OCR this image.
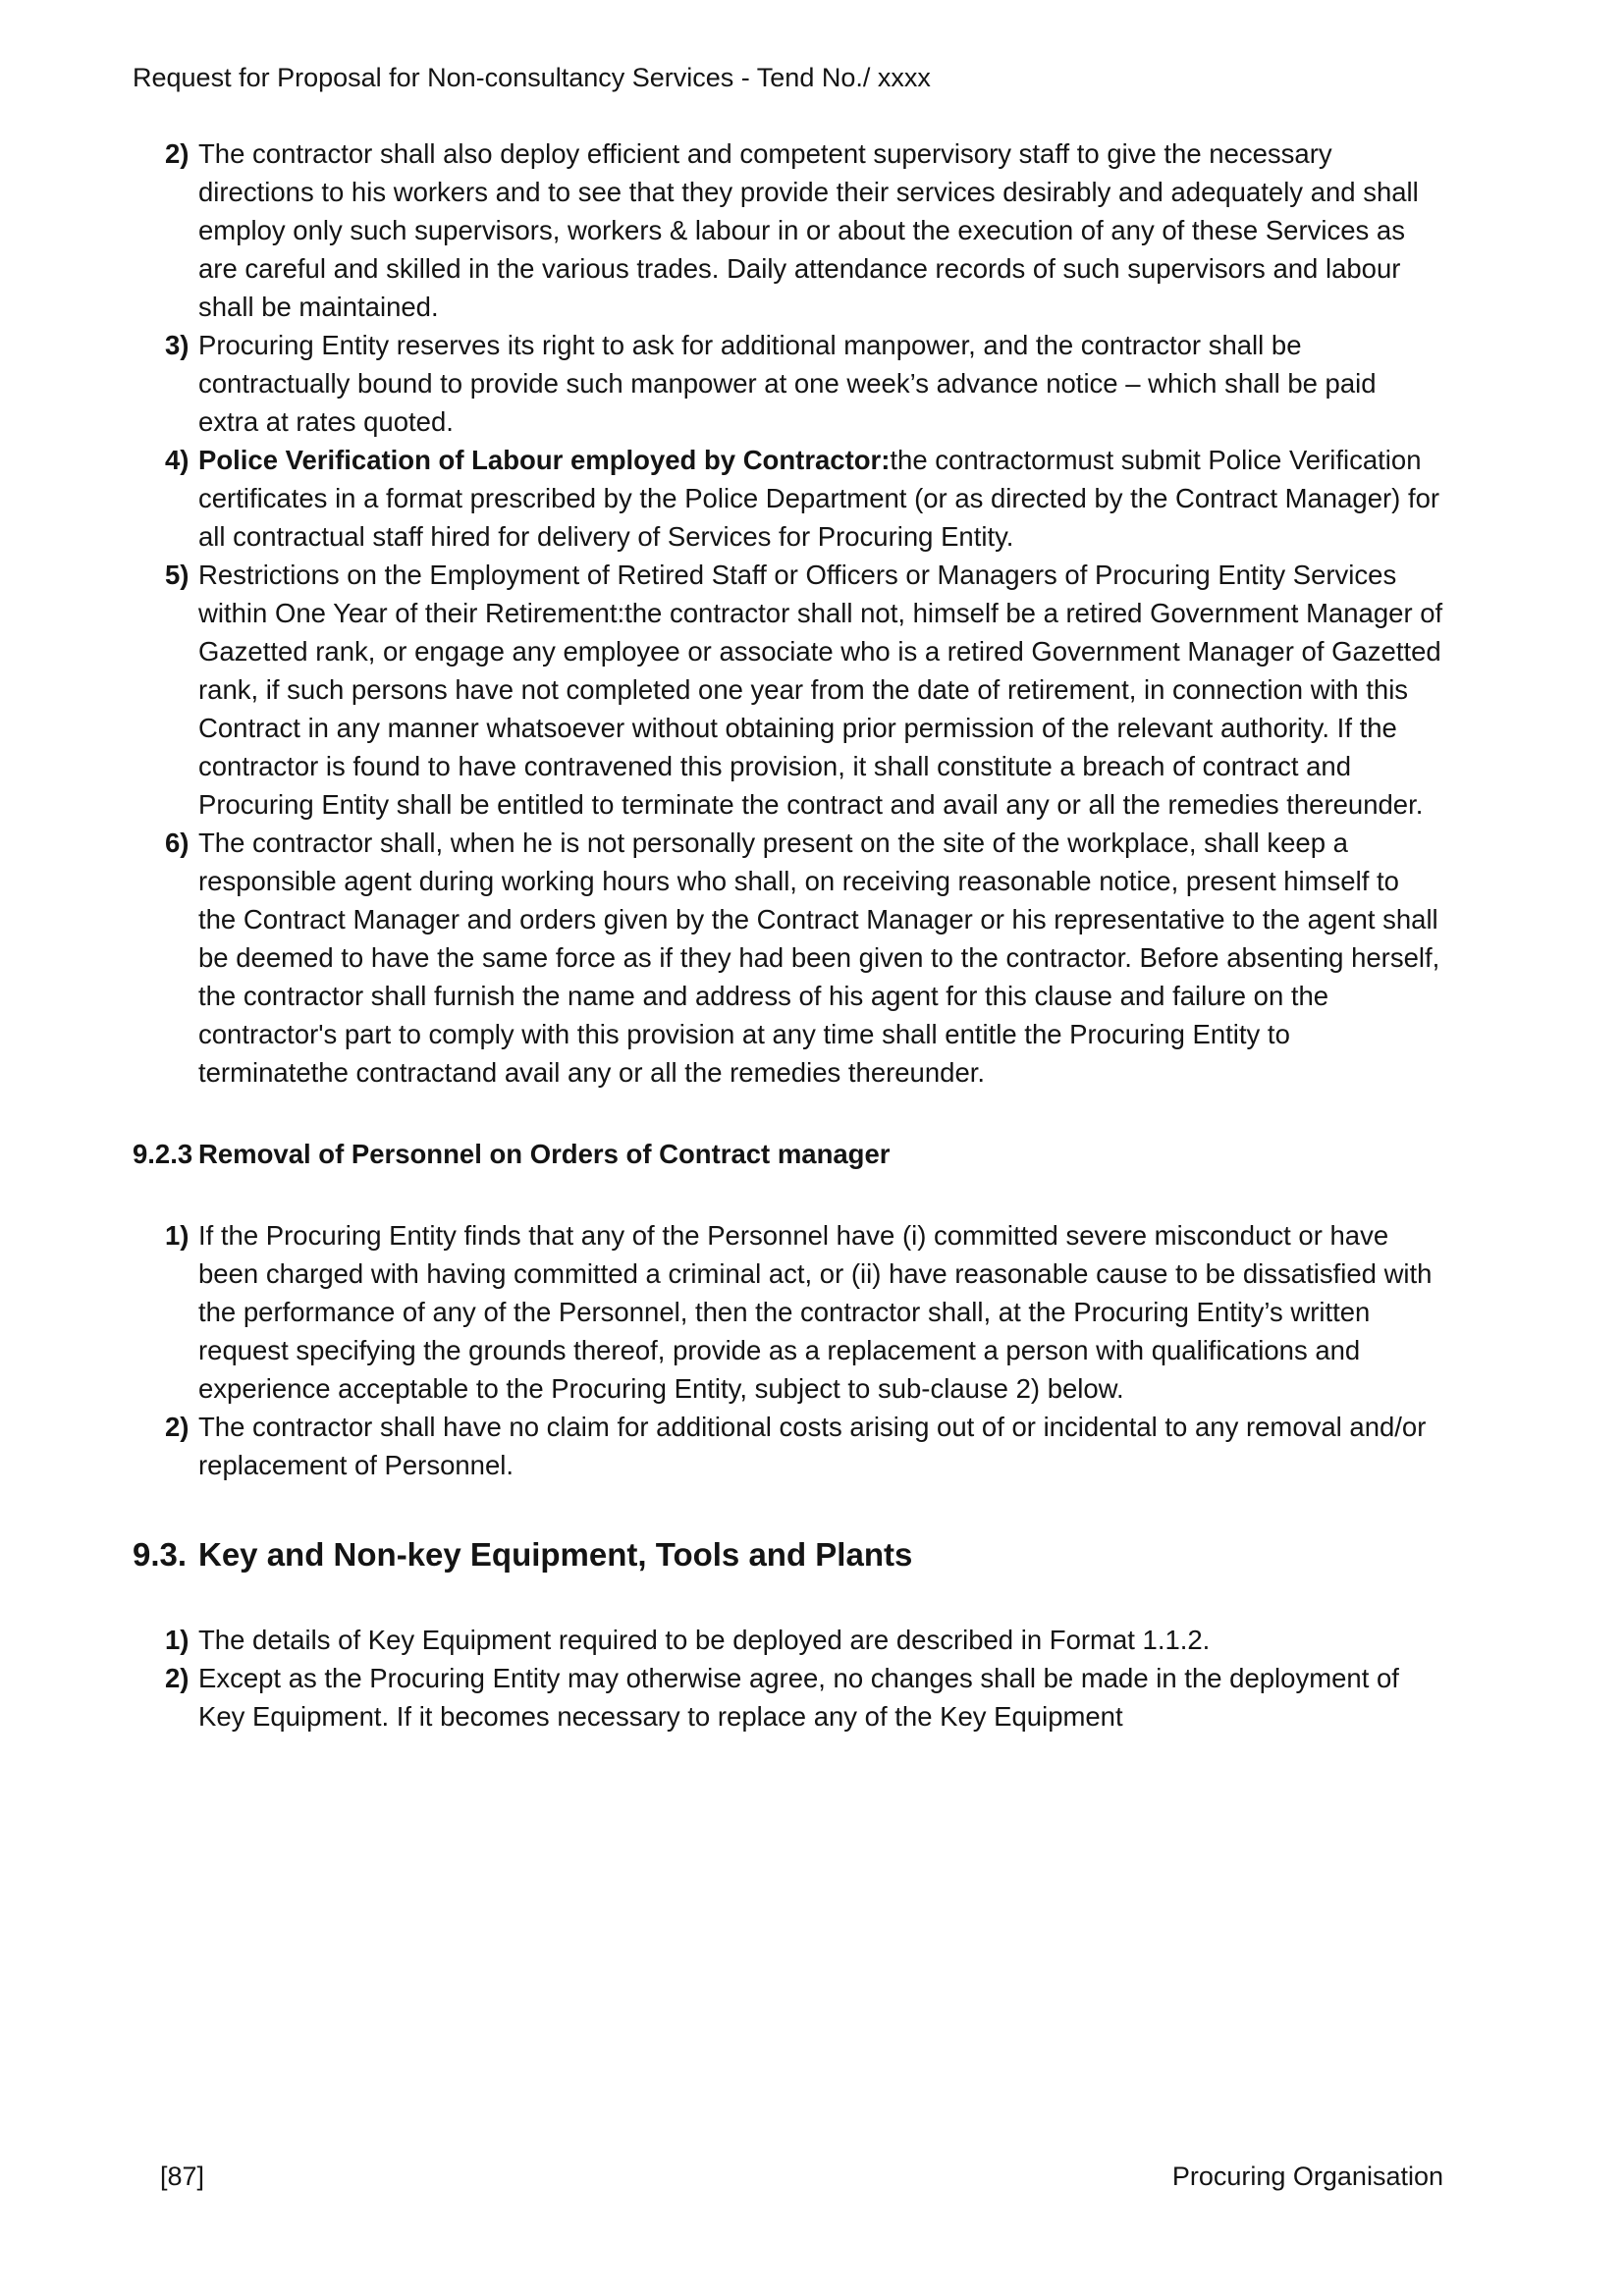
Request for Proposal for Non-consultancy Services - Tend No./ xxxx
2) The contractor shall also deploy efficient and competent supervisory staff to give the necessary directions to his workers and to see that they provide their services desirably and adequately and shall employ only such supervisors, workers & labour in or about the execution of any of these Services as are careful and skilled in the various trades. Daily attendance records of such supervisors and labour shall be maintained.
3) Procuring Entity reserves its right to ask for additional manpower, and the contractor shall be contractually bound to provide such manpower at one week’s advance notice – which shall be paid extra at rates quoted.
4) Police Verification of Labour employed by Contractor:the contractormust submit Police Verification certificates in a format prescribed by the Police Department (or as directed by the Contract Manager) for all contractual staff hired for delivery of Services for Procuring Entity.
5) Restrictions on the Employment of Retired Staff or Officers or Managers of Procuring Entity Services within One Year of their Retirement:the contractor shall not, himself be a retired Government Manager of Gazetted rank, or engage any employee or associate who is a retired Government Manager of Gazetted rank, if such persons have not completed one year from the date of retirement, in connection with this Contract in any manner whatsoever without obtaining prior permission of the relevant authority. If the contractor is found to have contravened this provision, it shall constitute a breach of contract and Procuring Entity shall be entitled to terminate the contract and avail any or all the remedies thereunder.
6) The contractor shall, when he is not personally present on the site of the workplace, shall keep a responsible agent during working hours who shall, on receiving reasonable notice, present himself to the Contract Manager and orders given by the Contract Manager or his representative to the agent shall be deemed to have the same force as if they had been given to the contractor. Before absenting herself, the contractor shall furnish the name and address of his agent for this clause and failure on the contractor's part to comply with this provision at any time shall entitle the Procuring Entity to terminatethe contractand avail any or all the remedies thereunder.
9.2.3 Removal of Personnel on Orders of Contract manager
1) If the Procuring Entity finds that any of the Personnel have (i) committed severe misconduct or have been charged with having committed a criminal act, or (ii) have reasonable cause to be dissatisfied with the performance of any of the Personnel, then the contractor shall, at the Procuring Entity’s written request specifying the grounds thereof, provide as a replacement a person with qualifications and experience acceptable to the Procuring Entity, subject to sub-clause 2) below.
2) The contractor shall have no claim for additional costs arising out of or incidental to any removal and/or replacement of Personnel.
9.3. Key and Non-key Equipment, Tools and Plants
1) The details of Key Equipment required to be deployed are described in Format 1.1.2.
2) Except as the Procuring Entity may otherwise agree, no changes shall be made in the deployment of Key Equipment. If it becomes necessary to replace any of the Key Equipment
[87]	Procuring Organisation
